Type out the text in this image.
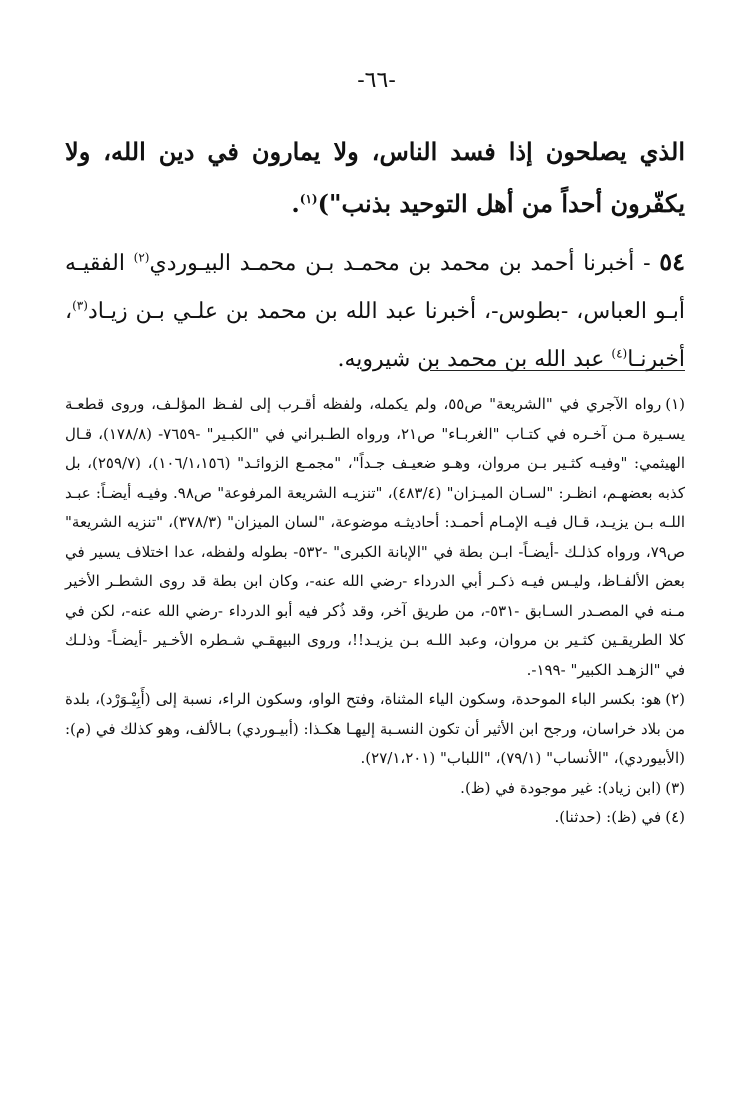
-٦٦-

الذي يصلحون إذا فسد الناس، ولا يمارون في دين الله، ولا يكفّرون أحداً من أهل التوحيد بذنب")$^{(١)}$.

٥٤ - أخبرنا أحمد بن محمد بن محمـد بـن محمـد البيـوردي$^{(٢)}$ الفقيـه أبـو العباس، -بطوس-، أخبرنا عبد الله بن محمد بن علـي بـن زيـاد$^{(٣)}$، أخبرنـا$^{(٤)}$ عبد الله بن محمد بن شيرويه.

(١)رواه الآجري في "الشريعة" ص٥٥، ولم يكمله، ولفظه أقـرب إلى لفـظ المؤلـف، وروى قطعـة يسـيرة مـن آخـره في كتـاب "الغربـاء" ص٢١، ورواه الطـبراني في "الكبـير" -٧٦٥٩- (١٧٨/٨)، قـال الهيثمي: "وفيـه كثـير بـن مروان، وهـو ضعيـف جـداً"، "مجمـع الزوائـد" (١٠٦/١،١٥٦)، (٢٥٩/٧)، بل كذبه بعضهـم، انظـر: "لسـان الميـزان" (٤٨٣/٤)، "تنزيـه الشريعة المرفوعة" ص٩٨. وفيـه أيضـاً: عبـد اللـه بـن يزيـد، قـال فيـه الإمـام أحمـد: أحاديثـه موضوعة، "لسان الميزان" (٣٧٨/٣)، "تنزيه الشريعة" ص٧٩، ورواه كذلـك -أيضـاً- ابـن بطة في "الإبانة الكبرى" -٥٣٢- بطوله ولفظه، عدا اختلاف يسير في بعض الألفـاظ، وليـس فيـه ذكـر أبي الدرداء -رضي الله عنه-، وكان ابن بطة قد روى الشطـر الأخير مـنه في المصـدر السـابق -٥٣١-، من طريق آخر، وقد ذُكر فيه أبو الدرداء -رضي الله عنه-، لكن في كلا الطريقـين كثـير بن مروان، وعبد اللـه بـن يزيـد!!، وروى البيهقـي شـطره الأخـير -أيضـاً- وذلـك في "الزهـد الكبير" -١٩٩-.

(٢)هو: بكسر الباء الموحدة، وسكون الياء المثناة، وفتح الواو، وسكون الراء، نسبة إلى (أَبِيْـوَرْد)، بلدة من بلاد خراسان، ورجح ابن الأثير أن تكون النسـبة إليهـا هكـذا: (أبيـوردي) بـالألف، وهو كذلك في (م): (الأبيوردي)، "الأنساب" (٧٩/١)، "اللباب" (٢٧/١،٢٠١).

(٣)(ابن زياد): غير موجودة في (ظ).

(٤)في (ظ): (حدثنا).
